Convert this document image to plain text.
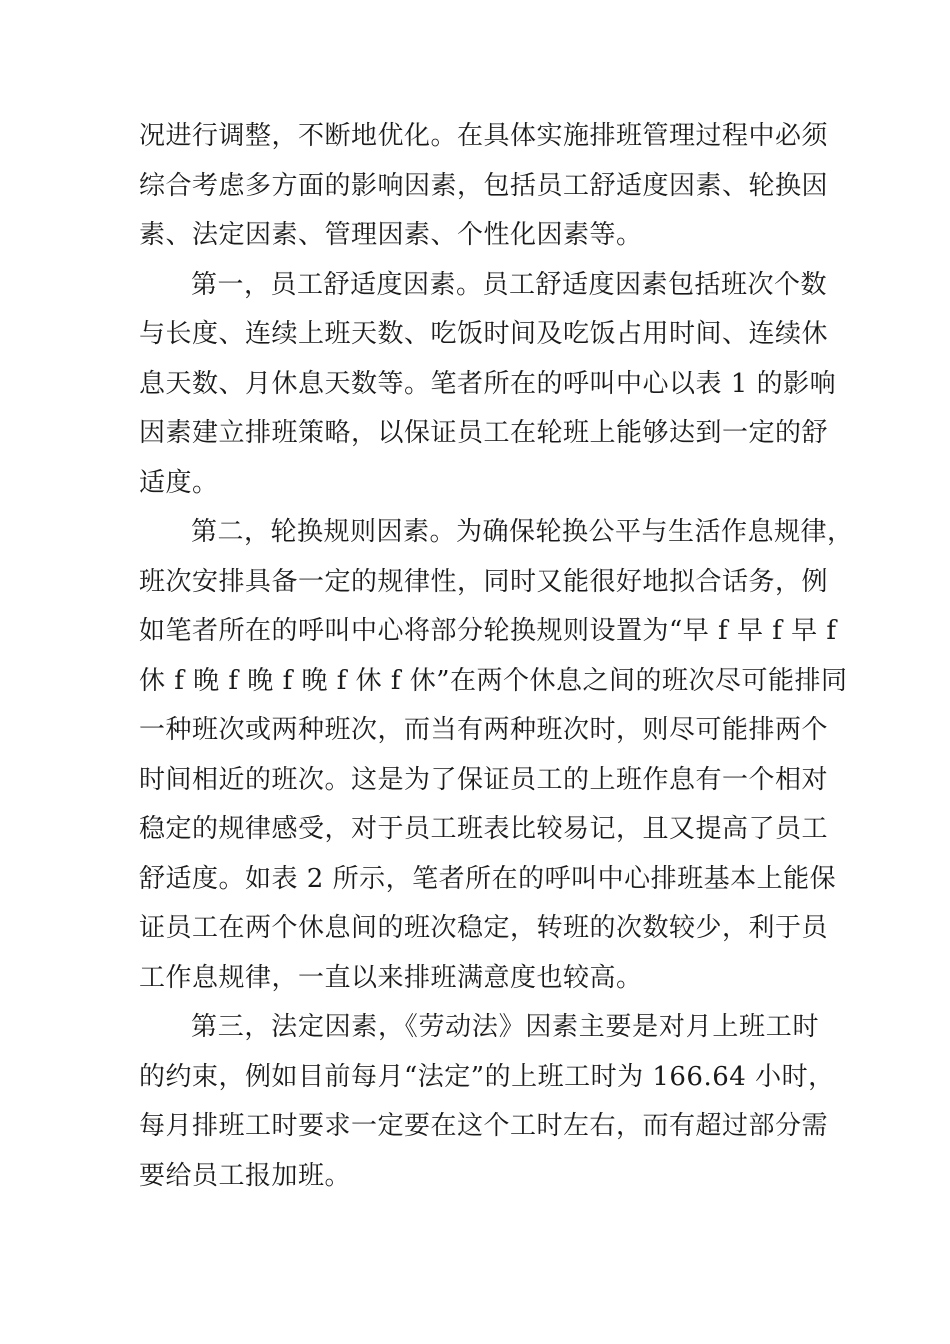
况进行调整，不断地优化。在具体实施排班管理过程中必须
综合考虑多方面的影响因素，包括员工舒适度因素、轮换因
素、法定因素、管理因素、个性化因素等。
第一，员工舒适度因素。员工舒适度因素包括班次个数
与长度、连续上班天数、吃饭时间及吃饭占用时间、连续休
息天数、月休息天数等。笔者所在的呼叫中心以表 1 的影响
因素建立排班策略，以保证员工在轮班上能够达到一定的舒
适度。
第二，轮换规则因素。为确保轮换公平与生活作息规律，
班次安排具备一定的规律性，同时又能很好地拟合话务，例
如笔者所在的呼叫中心将部分轮换规则设置为“早 f 早 f 早 f
休 f 晚 f 晚 f 晚 f 休 f 休”在两个休息之间的班次尽可能排同
一种班次或两种班次，而当有两种班次时，则尽可能排两个
时间相近的班次。这是为了保证员工的上班作息有一个相对
稳定的规律感受，对于员工班表比较易记，且又提高了员工
舒适度。如表 2 所示，笔者所在的呼叫中心排班基本上能保
证员工在两个休息间的班次稳定，转班的次数较少，利于员
工作息规律，一直以来排班满意度也较高。
第三，法定因素，《劳动法》因素主要是对月上班工时
的约束，例如目前每月“法定”的上班工时为 166.64 小时，
每月排班工时要求一定要在这个工时左右，而有超过部分需
要给员工报加班。
